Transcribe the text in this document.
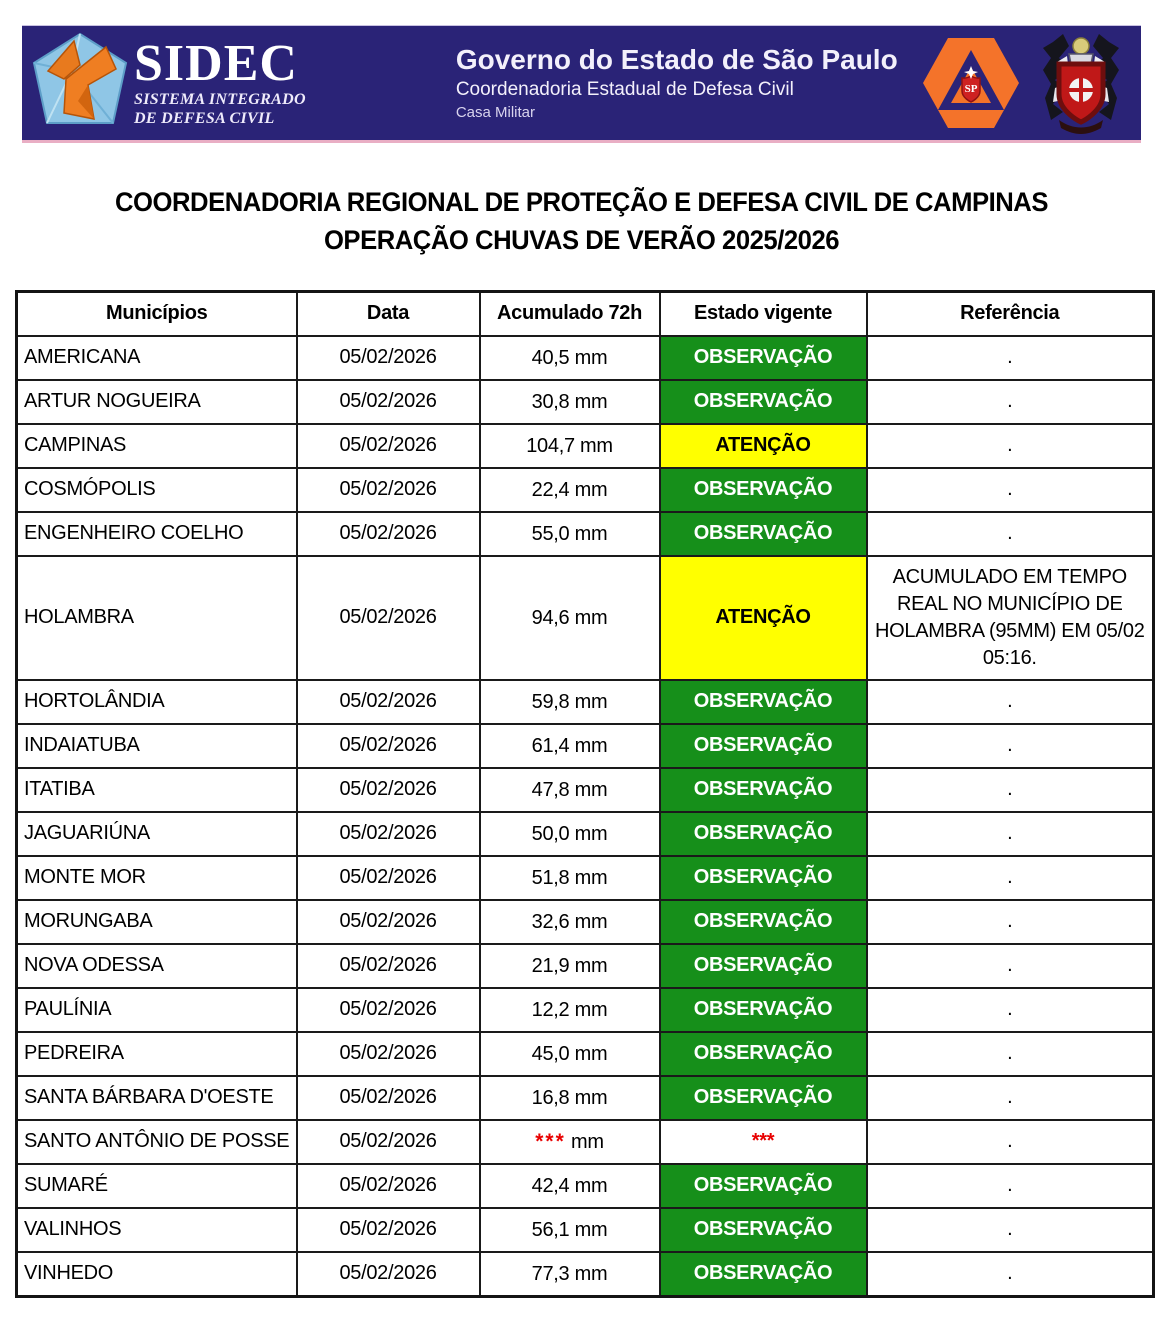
SIDEC
SISTEMA INTEGRADO
DE DEFESA CIVIL
Governo do Estado de São Paulo
Coordenadoria Estadual de Defesa Civil
Casa Militar
SP
COORDENADORIA REGIONAL DE PROTEÇÃO E DEFESA CIVIL DE CAMPINAS
OPERAÇÃO CHUVAS DE VERÃO 2025/2026
Municípios	Data	Acumulado 72h	Estado vigente	Referência
AMERICANA	05/02/2026	40,5 mm	OBSERVAÇÃO	.
ARTUR NOGUEIRA	05/02/2026	30,8 mm	OBSERVAÇÃO	.
CAMPINAS	05/02/2026	104,7 mm	ATENÇÃO	.
COSMÓPOLIS	05/02/2026	22,4 mm	OBSERVAÇÃO	.
ENGENHEIRO COELHO	05/02/2026	55,0 mm	OBSERVAÇÃO	.
HOLAMBRA	05/02/2026	94,6 mm	ATENÇÃO	ACUMULADO EM TEMPO REAL NO MUNICÍPIO DE HOLAMBRA (95MM) EM 05/02 05:16.
HORTOLÂNDIA	05/02/2026	59,8 mm	OBSERVAÇÃO	.
INDAIATUBA	05/02/2026	61,4 mm	OBSERVAÇÃO	.
ITATIBA	05/02/2026	47,8 mm	OBSERVAÇÃO	.
JAGUARIÚNA	05/02/2026	50,0 mm	OBSERVAÇÃO	.
MONTE MOR	05/02/2026	51,8 mm	OBSERVAÇÃO	.
MORUNGABA	05/02/2026	32,6 mm	OBSERVAÇÃO	.
NOVA ODESSA	05/02/2026	21,9 mm	OBSERVAÇÃO	.
PAULÍNIA	05/02/2026	12,2 mm	OBSERVAÇÃO	.
PEDREIRA	05/02/2026	45,0 mm	OBSERVAÇÃO	.
SANTA BÁRBARA D'OESTE	05/02/2026	16,8 mm	OBSERVAÇÃO	.
SANTO ANTÔNIO DE POSSE	05/02/2026	*** mm	***	.
SUMARÉ	05/02/2026	42,4 mm	OBSERVAÇÃO	.
VALINHOS	05/02/2026	56,1 mm	OBSERVAÇÃO	.
VINHEDO	05/02/2026	77,3 mm	OBSERVAÇÃO	.
